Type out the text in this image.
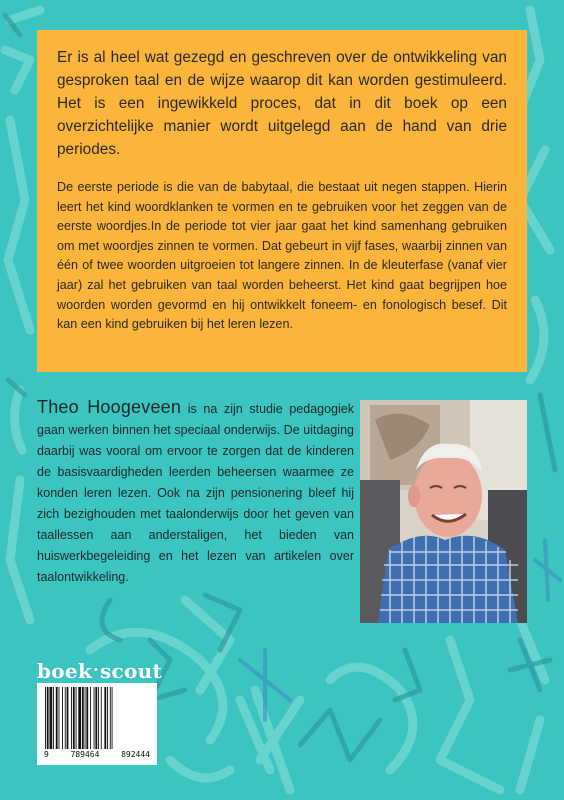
Er is al heel wat gezegd en geschreven over de ontwikkeling van gesproken taal en de wijze waarop dit kan worden gestimuleerd. Het is een ingewikkeld proces, dat in dit boek op een overzichtelijke manier wordt uitgelegd aan de hand van drie periodes.

De eerste periode is die van de babytaal, die bestaat uit negen stappen. Hierin leert het kind woordklanken te vormen en te gebruiken voor het zeggen van de eerste woordjes.In de periode tot vier jaar gaat het kind samenhang gebruiken om met woordjes zinnen te vormen. Dat gebeurt in vijf fases, waarbij zinnen van één of twee woorden uitgroeien tot langere zinnen. In de kleuterfase (vanaf vier jaar) zal het gebruiken van taal worden beheerst. Het kind gaat begrijpen hoe woorden worden gevormd en hij ontwikkelt foneem- en fonologisch besef. Dit kan een kind gebruiken bij het leren lezen.

Theo Hoogeveen is na zijn studie pedagogiek gaan werken binnen het speciaal onderwijs. De uitdaging daarbij was vooral om ervoor te zorgen dat de kinderen de basisvaardigheden leerden beheersen waarmee ze konden leren lezen. Ook na zijn pensionering bleef hij zich bezighouden met taalonderwijs door het geven van taallessen aan anderstaligen, het bieden van huiswerkbegeleiding en het lezen van artikelen over taalontwikkeling.

boek·scout
9	789464	892444
